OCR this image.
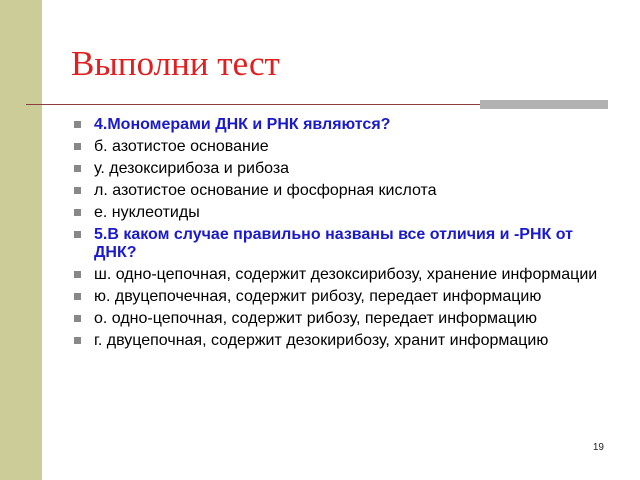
Выполни тест
4.Мономерами ДНК и РНК являются?
б. азотистое основание
у. дезоксирибоза и рибоза
л. азотистое основание и фосфорная кислота
е. нуклеотиды
5.В каком случае правильно названы все отличия и -РНК от ДНК?
ш. одно-цепочная, содержит дезоксирибозу, хранение информации
ю. двуцепочечная, содержит рибозу, передает информацию
о. одно-цепочная, содержит рибозу, передает информацию
г. двуцепочная, содержит дезокирибозу, хранит информацию
19
